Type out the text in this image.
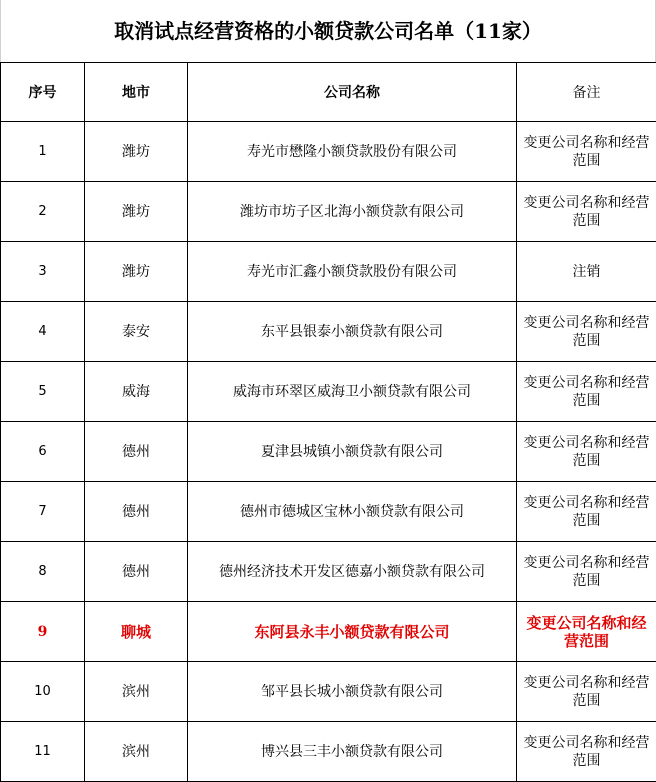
取消试点经营资格的小额贷款公司名单（11家）
序号	地市	公司名称	备注
1	潍坊	寿光市懋隆小额贷款股份有限公司	变更公司名称和经营范围
2	潍坊	潍坊市坊子区北海小额贷款有限公司	变更公司名称和经营范围
3	潍坊	寿光市汇鑫小额贷款股份有限公司	注销
4	泰安	东平县银泰小额贷款有限公司	变更公司名称和经营范围
5	威海	威海市环翠区威海卫小额贷款有限公司	变更公司名称和经营范围
6	德州	夏津县城镇小额贷款有限公司	变更公司名称和经营范围
7	德州	德州市德城区宝林小额贷款有限公司	变更公司名称和经营范围
8	德州	德州经济技术开发区德嘉小额贷款有限公司	变更公司名称和经营范围
9	聊城	东阿县永丰小额贷款有限公司	变更公司名称和经营范围
10	滨州	邹平县长城小额贷款有限公司	变更公司名称和经营范围
11	滨州	博兴县三丰小额贷款有限公司	变更公司名称和经营范围
